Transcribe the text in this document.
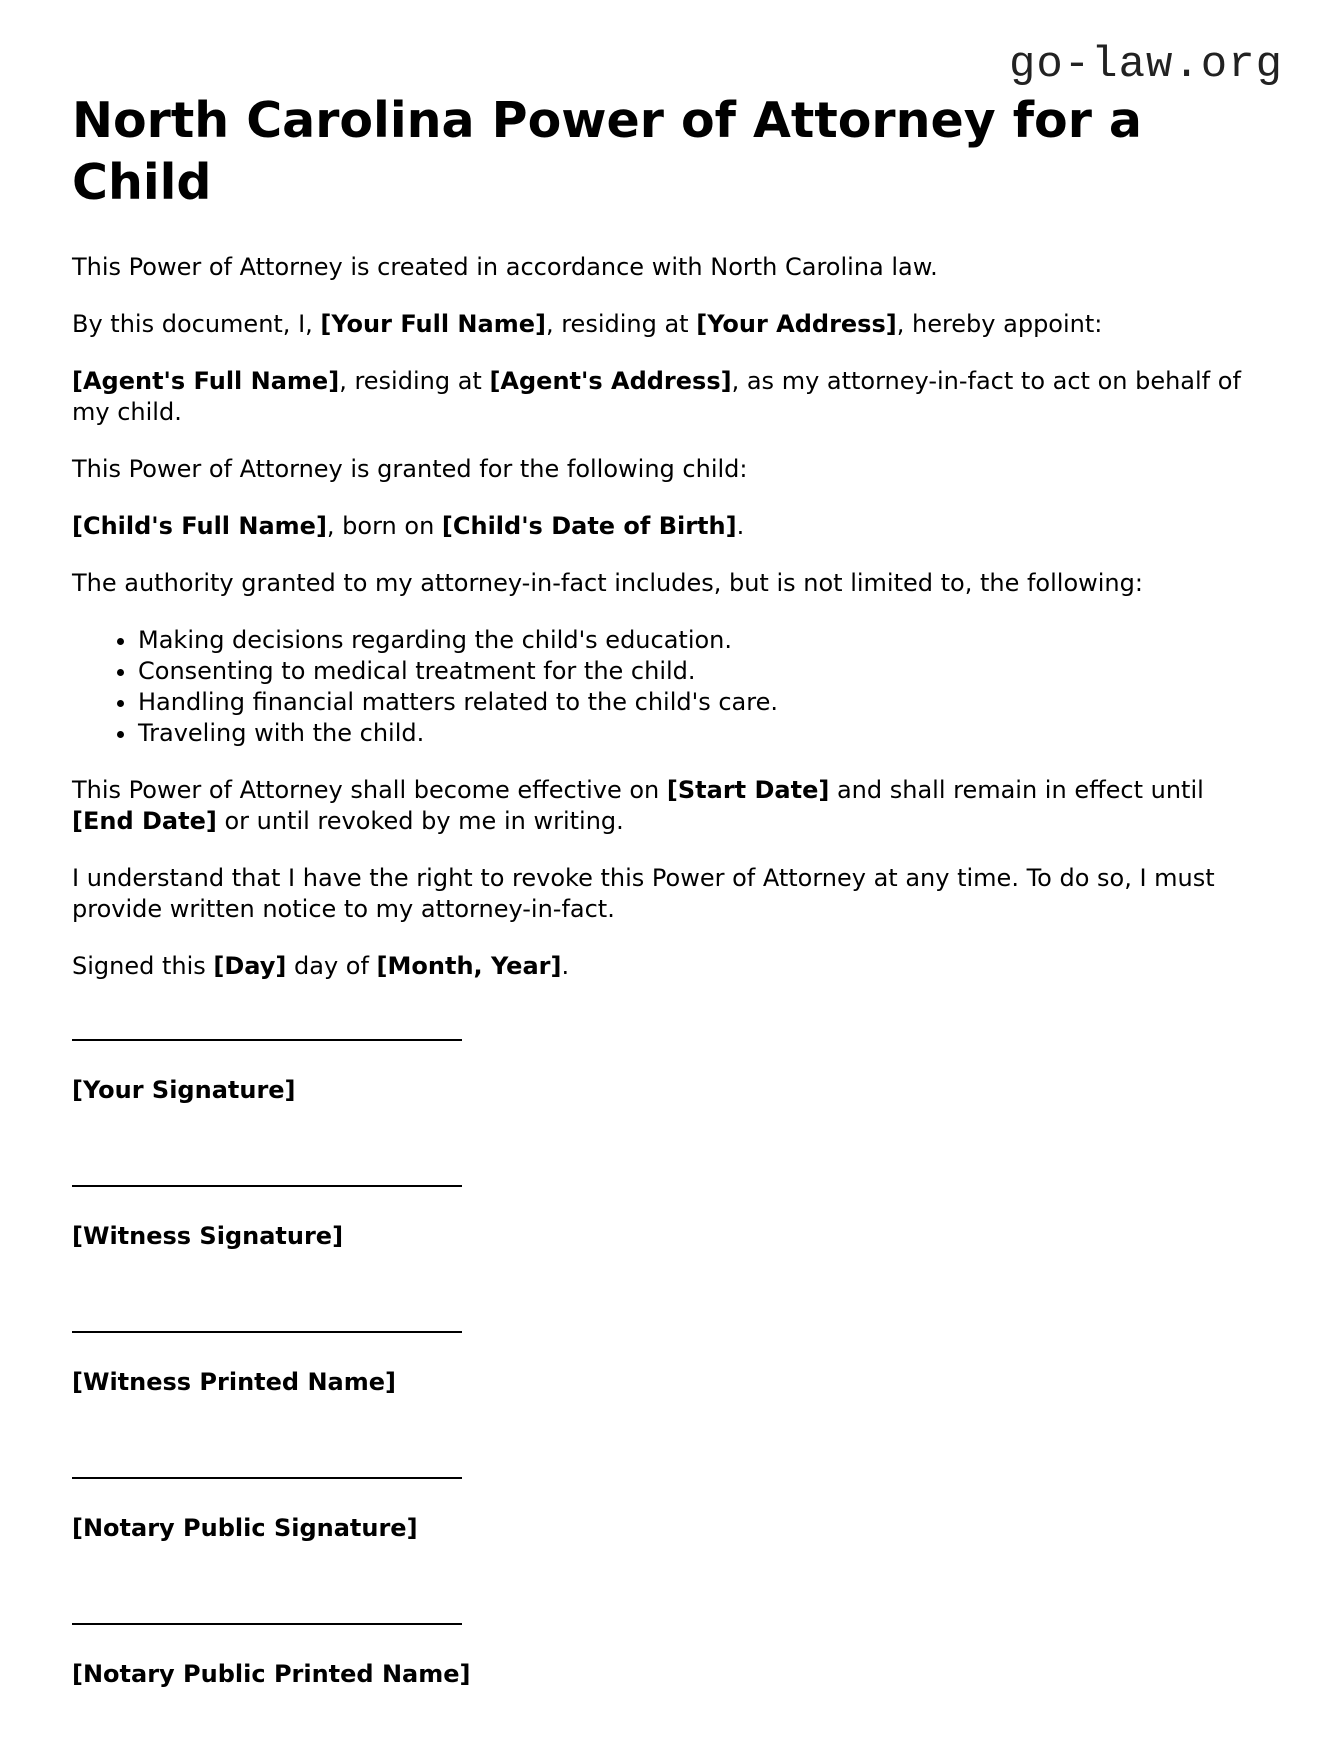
go-law.org
North Carolina Power of Attorney for a Child

This Power of Attorney is created in accordance with North Carolina law.

By this document, I, [Your Full Name], residing at [Your Address], hereby appoint:

[Agent's Full Name], residing at [Agent's Address], as my attorney-in-fact to act on behalf of my child.

This Power of Attorney is granted for the following child:

[Child's Full Name], born on [Child's Date of Birth].

The authority granted to my attorney-in-fact includes, but is not limited to, the following:

• Making decisions regarding the child's education.
• Consenting to medical treatment for the child.
• Handling financial matters related to the child's care.
• Traveling with the child.

This Power of Attorney shall become effective on [Start Date] and shall remain in effect until [End Date] or until revoked by me in writing.

I understand that I have the right to revoke this Power of Attorney at any time. To do so, I must provide written notice to my attorney-in-fact.

Signed this [Day] day of [Month, Year].

[Your Signature]
[Witness Signature]
[Witness Printed Name]
[Notary Public Signature]
[Notary Public Printed Name]
